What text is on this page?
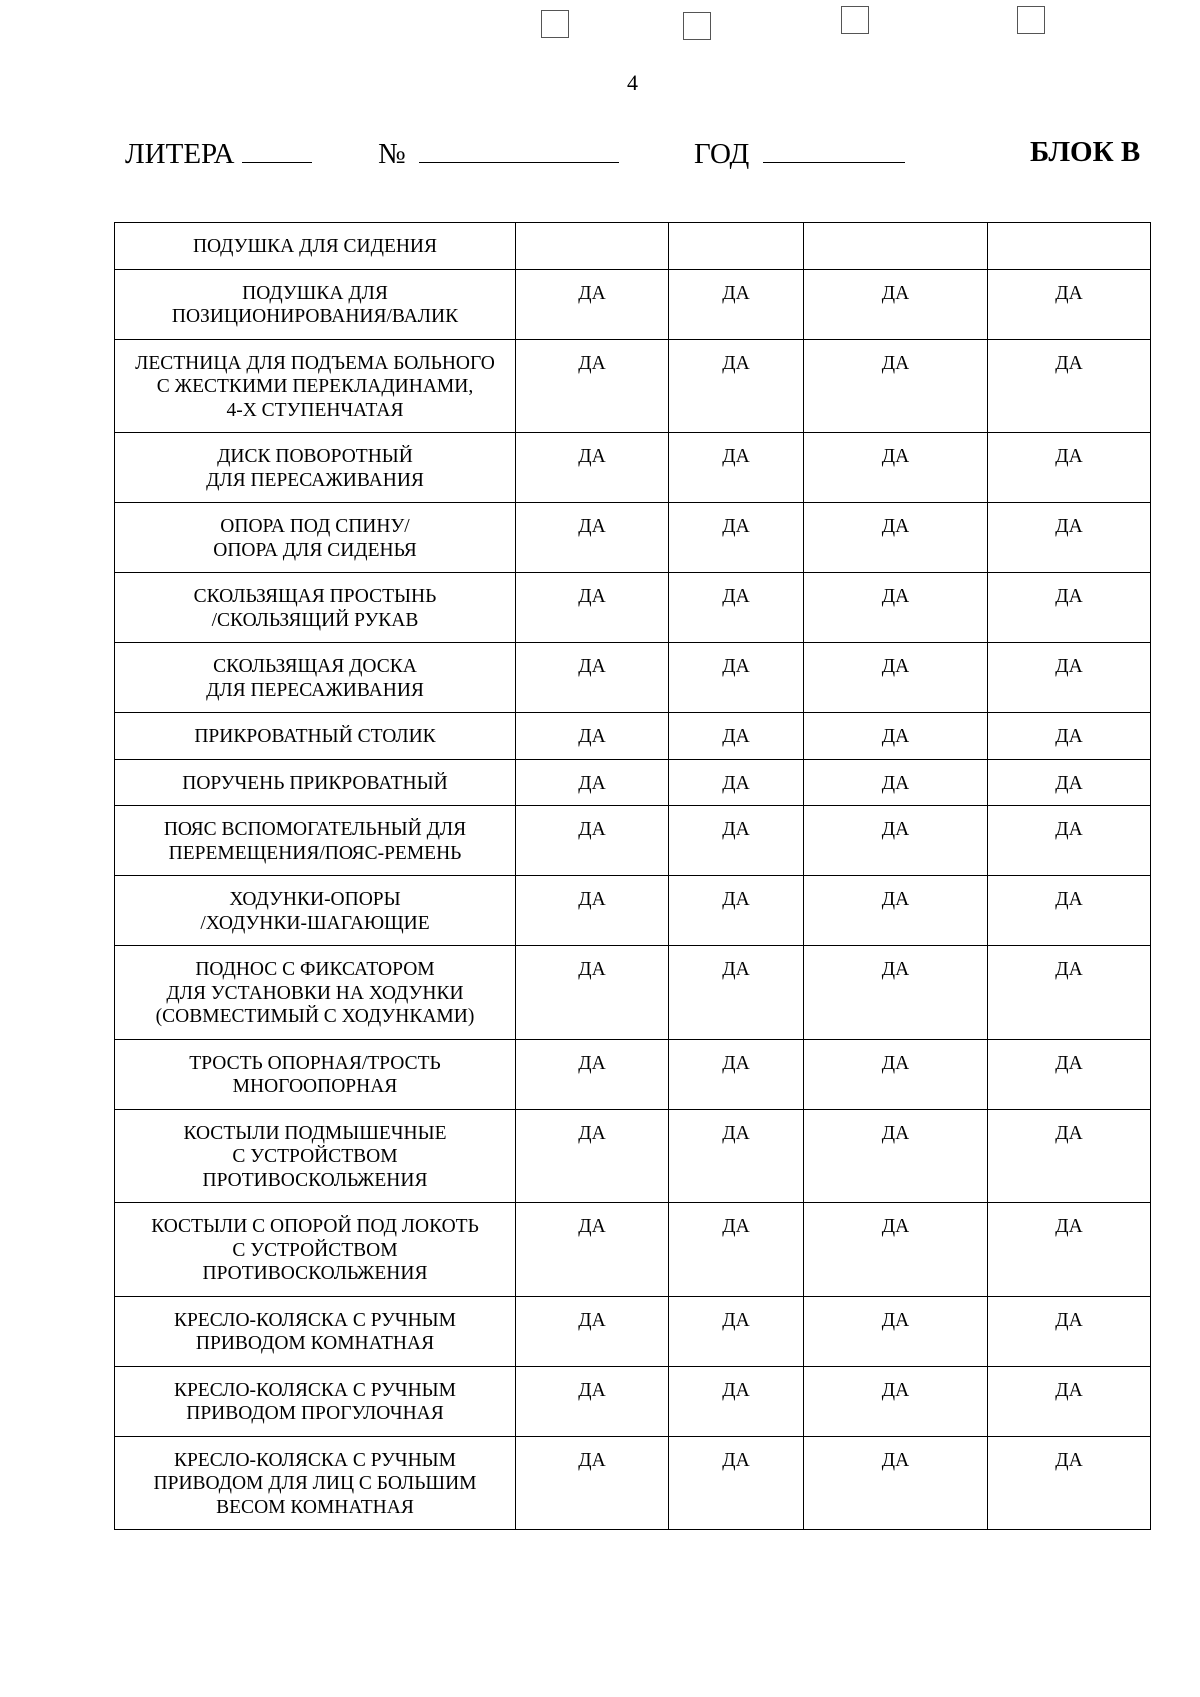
4
ЛИТЕРА	№	ГОД	БЛОК В
ПОДУШКА ДЛЯ СИДЕНИЯ				
ПОДУШКА ДЛЯ
ПОЗИЦИОНИРОВАНИЯ/ВАЛИК	ДА	ДА	ДА	ДА
ЛЕСТНИЦА ДЛЯ ПОДЪЕМА БОЛЬНОГО
С ЖЕСТКИМИ ПЕРЕКЛАДИНАМИ,
4-Х СТУПЕНЧАТАЯ	ДА	ДА	ДА	ДА
ДИСК ПОВОРОТНЫЙ
ДЛЯ ПЕРЕСАЖИВАНИЯ	ДА	ДА	ДА	ДА
ОПОРА ПОД СПИНУ/
ОПОРА ДЛЯ СИДЕНЬЯ	ДА	ДА	ДА	ДА
СКОЛЬЗЯЩАЯ ПРОСТЫНЬ
/СКОЛЬЗЯЩИЙ РУКАВ	ДА	ДА	ДА	ДА
СКОЛЬЗЯЩАЯ ДОСКА
ДЛЯ ПЕРЕСАЖИВАНИЯ	ДА	ДА	ДА	ДА
ПРИКРОВАТНЫЙ СТОЛИК	ДА	ДА	ДА	ДА
ПОРУЧЕНЬ ПРИКРОВАТНЫЙ	ДА	ДА	ДА	ДА
ПОЯС ВСПОМОГАТЕЛЬНЫЙ ДЛЯ
ПЕРЕМЕЩЕНИЯ/ПОЯС-РЕМЕНЬ	ДА	ДА	ДА	ДА
ХОДУНКИ-ОПОРЫ
/ХОДУНКИ-ШАГАЮЩИЕ	ДА	ДА	ДА	ДА
ПОДНОС С ФИКСАТОРОМ
ДЛЯ УСТАНОВКИ НА ХОДУНКИ
(СОВМЕСТИМЫЙ С ХОДУНКАМИ)	ДА	ДА	ДА	ДА
ТРОСТЬ ОПОРНАЯ/ТРОСТЬ
МНОГООПОРНАЯ	ДА	ДА	ДА	ДА
КОСТЫЛИ ПОДМЫШЕЧНЫЕ
С УСТРОЙСТВОМ
ПРОТИВОСКОЛЬЖЕНИЯ	ДА	ДА	ДА	ДА
КОСТЫЛИ С ОПОРОЙ ПОД ЛОКОТЬ
С УСТРОЙСТВОМ
ПРОТИВОСКОЛЬЖЕНИЯ	ДА	ДА	ДА	ДА
КРЕСЛО-КОЛЯСКА С РУЧНЫМ
ПРИВОДОМ КОМНАТНАЯ	ДА	ДА	ДА	ДА
КРЕСЛО-КОЛЯСКА С РУЧНЫМ
ПРИВОДОМ ПРОГУЛОЧНАЯ	ДА	ДА	ДА	ДА
КРЕСЛО-КОЛЯСКА С РУЧНЫМ
ПРИВОДОМ ДЛЯ ЛИЦ С БОЛЬШИМ
ВЕСОМ КОМНАТНАЯ	ДА	ДА	ДА	ДА
